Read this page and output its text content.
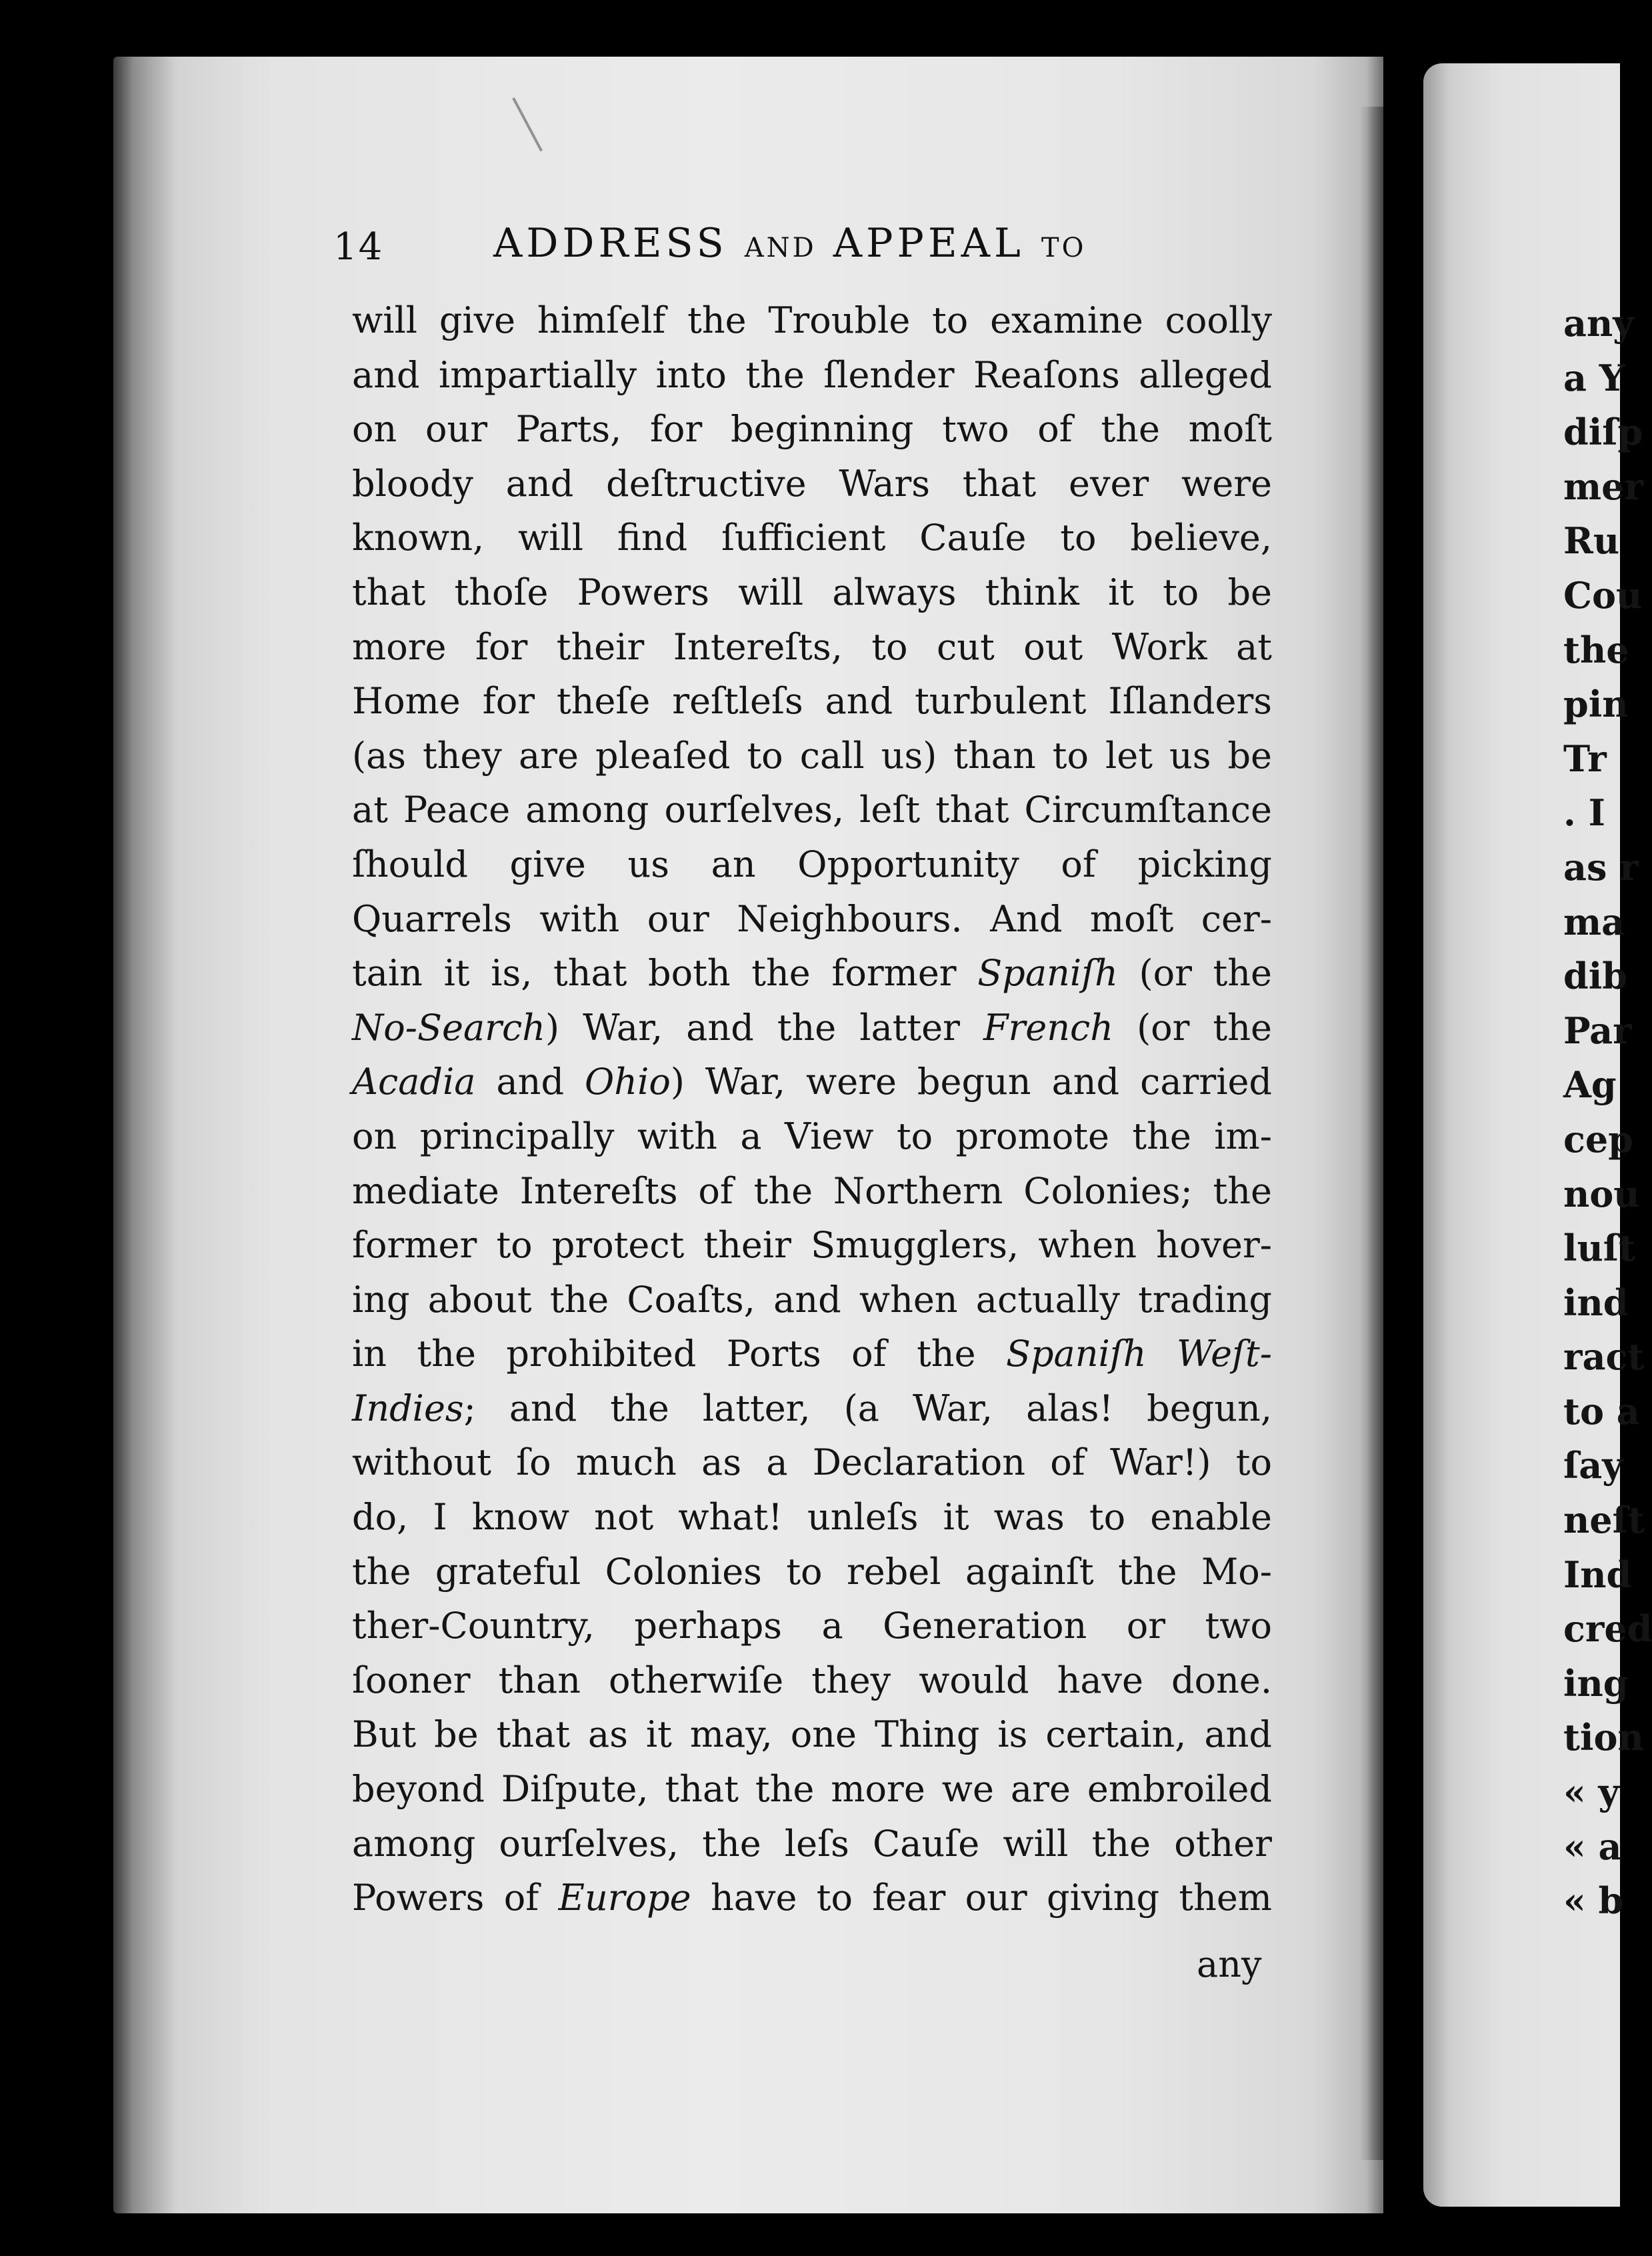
14	ADDRESS AND APPEAL TO
will give himſelf the Trouble to examine coolly
and impartially into the ſlender Reaſons alleged
on our Parts, for beginning two of the moſt
bloody and deſtructive Wars that ever were
known, will find ſufficient Cauſe to believe,
that thoſe Powers will always think it to be
more for their Intereſts, to cut out Work at
Home for theſe reſtleſs and turbulent Iſlanders
(as they are pleaſed to call us) than to let us be
at Peace among ourſelves, leſt that Circumſtance
ſhould give us an Opportunity of picking
Quarrels with our Neighbours. And moſt cer-
tain it is, that both the former Spaniſh (or the
No-Search) War, and the latter French (or the
Acadia and Ohio) War, were begun and carried
on principally with a View to promote the im-
mediate Intereſts of the Northern Colonies; the
former to protect their Smugglers, when hover-
ing about the Coaſts, and when actually trading
in the prohibited Ports of the Spaniſh Weſt-
Indies; and the latter, (a War, alas! begun,
without ſo much as a Declaration of War!) to
do, I know not what! unleſs it was to enable
the grateful Colonies to rebel againſt the Mo-
ther-Country, perhaps a Generation or two
ſooner than otherwiſe they would have done.
But be that as it may, one Thing is certain, and
beyond Diſpute, that the more we are embroiled
among ourſelves, the leſs Cauſe will the other
Powers of Europe have to fear our giving them
any
any
a Y
diſp
mer
Ru
Cou
the
pin
Tr
. I
as r
ma
dib
Par
Ag
cep
nou
luſt
ind
ract
to a
ſay
neſt
Ind
cred
ing
tion
« y
« a
« b
